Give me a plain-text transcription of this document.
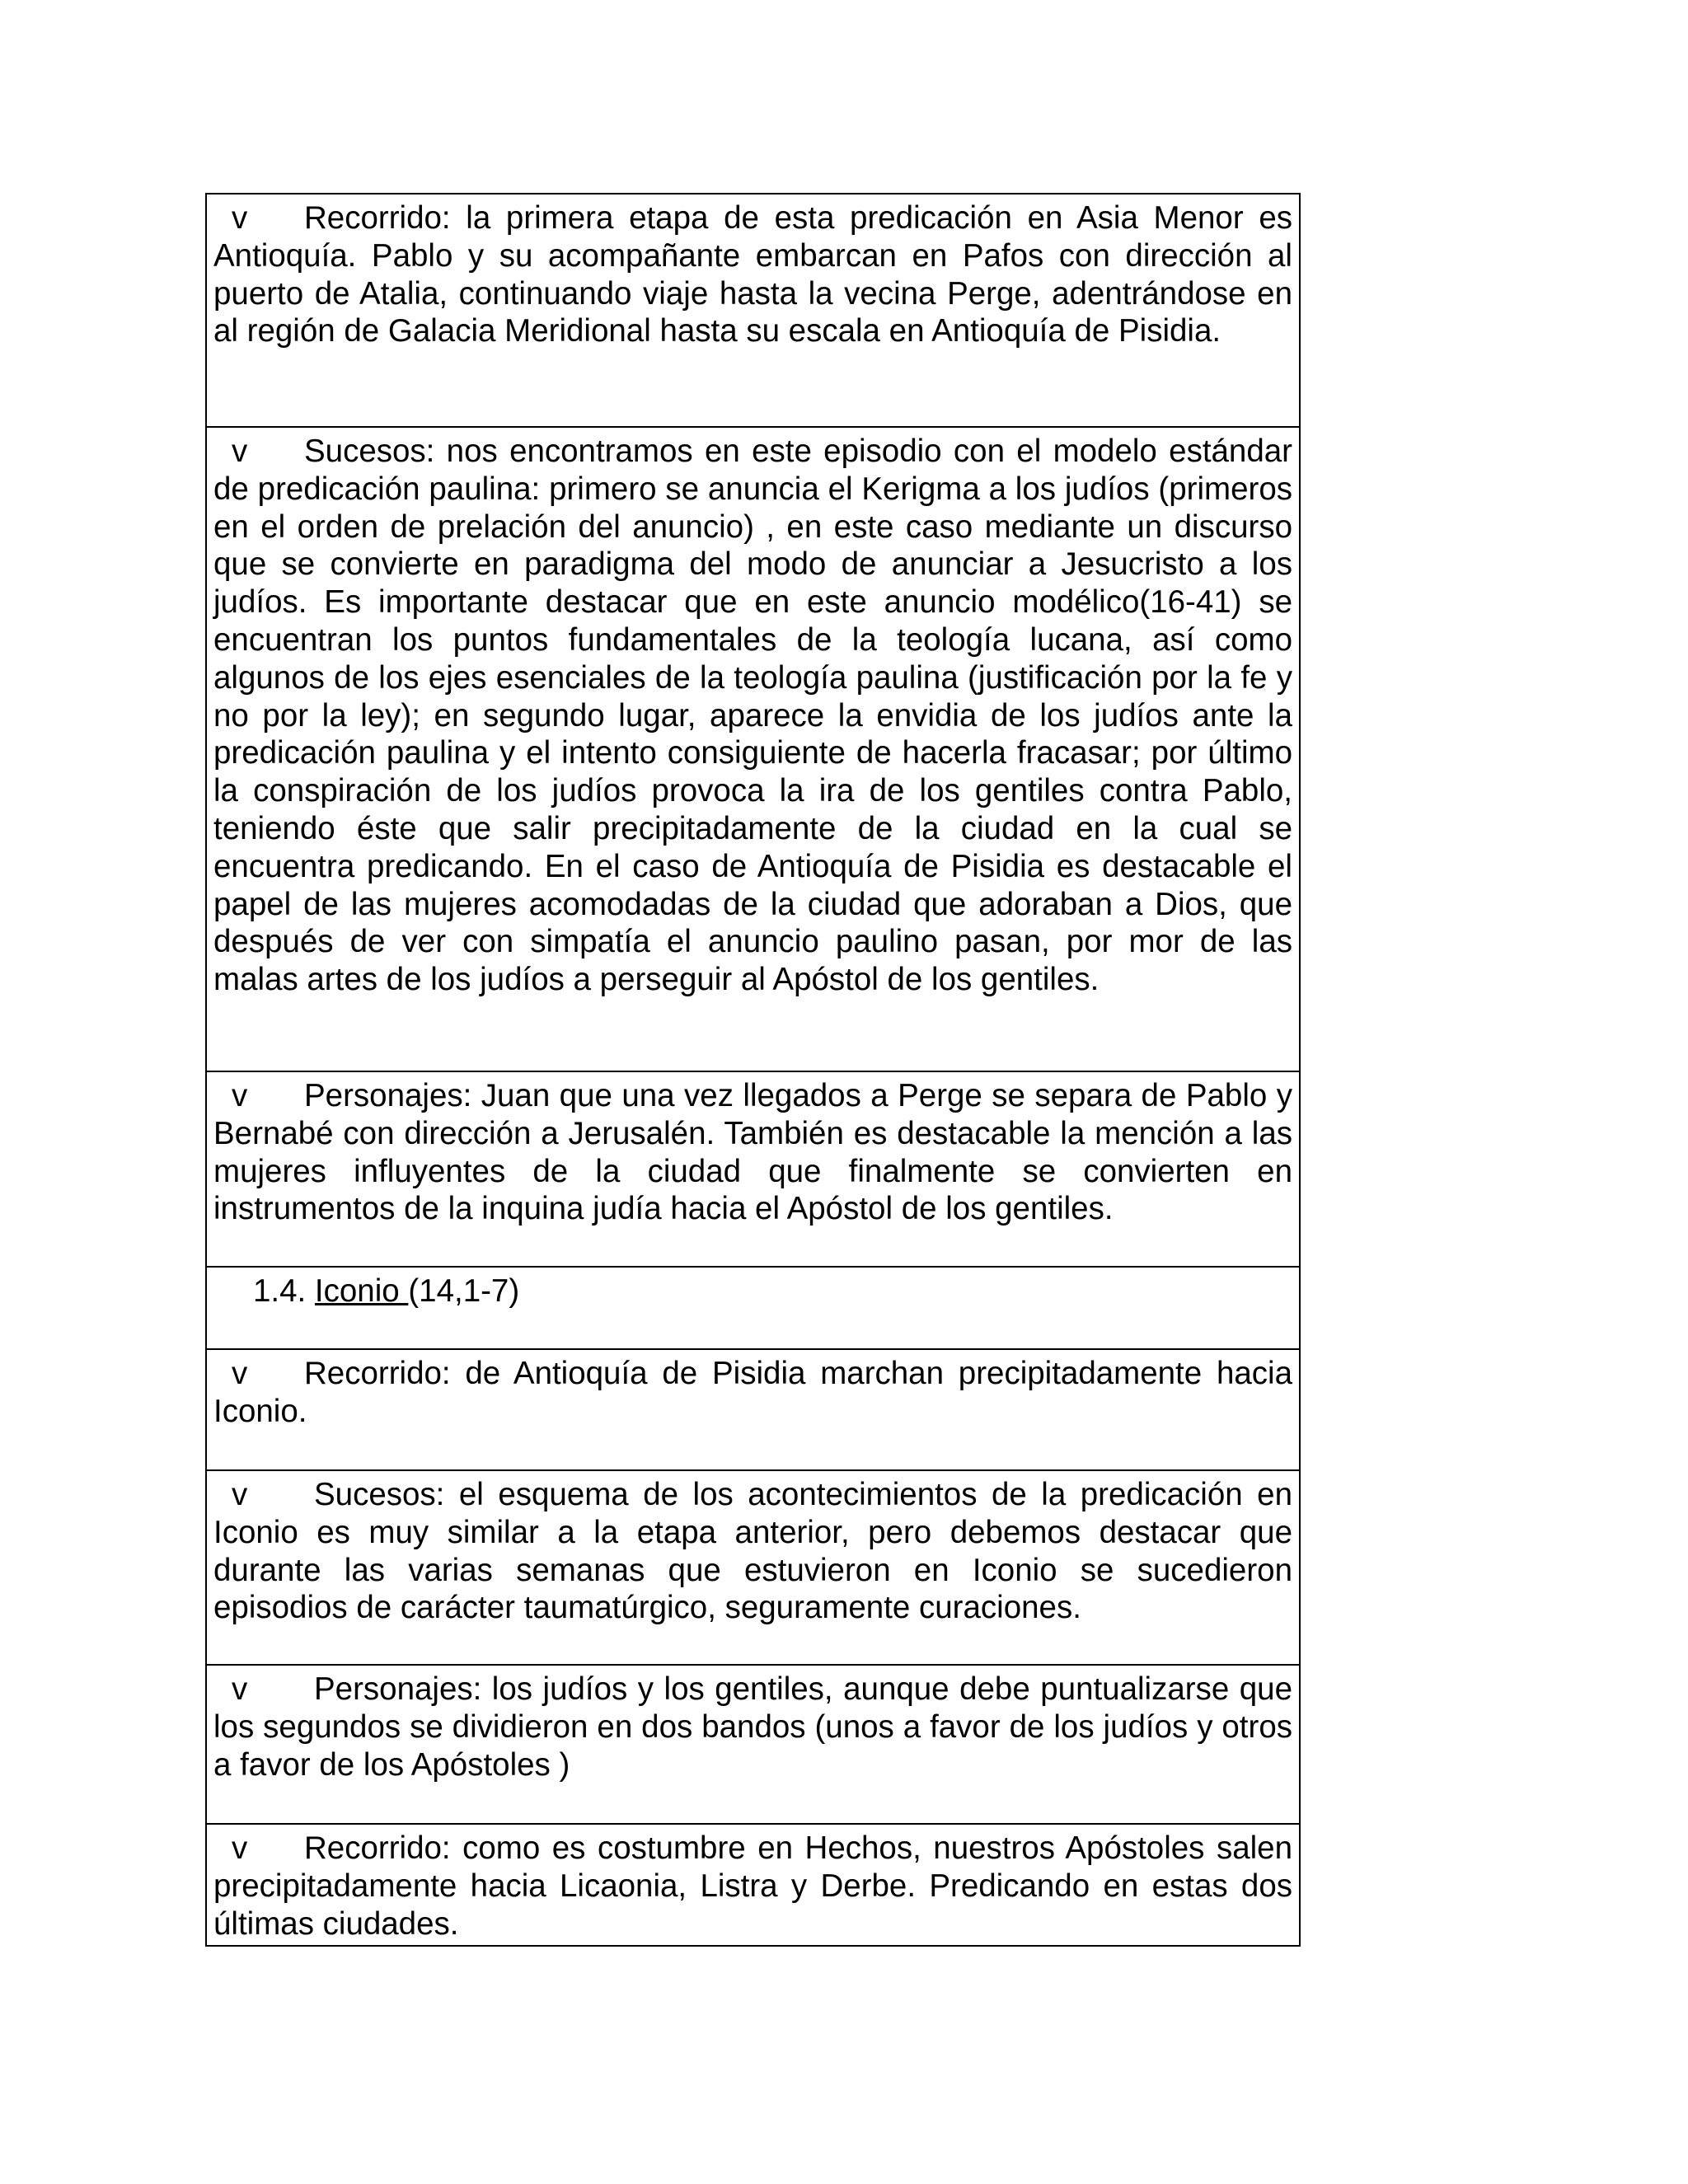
v Recorrido: la primera etapa de esta predicación en Asia Menor es Antioquía. Pablo y su acompañante embarcan en Pafos con dirección al puerto de Atalia, continuando viaje hasta la vecina Perge, adentrándose en al región de Galacia Meridional hasta su escala en Antioquía de Pisidia.
v Sucesos: nos encontramos en este episodio con el modelo estándar de predicación paulina: primero se anuncia el Kerigma a los judíos (primeros en el orden de prelación del anuncio) , en este caso mediante un discurso que se convierte en paradigma del modo de anunciar a Jesucristo a los judíos. Es importante destacar que en este anuncio modélico(16-41) se encuentran los puntos fundamentales de la teología lucana, así como algunos de los ejes esenciales de la teología paulina (justificación por la fe y no por la ley); en segundo lugar, aparece la envidia de los judíos ante la predicación paulina y el intento consiguiente de hacerla fracasar; por último la conspiración de los judíos provoca la ira de los gentiles contra Pablo, teniendo éste que salir precipitadamente de la ciudad en la cual se encuentra predicando. En el caso de Antioquía de Pisidia es destacable el papel de las mujeres acomodadas de la ciudad que adoraban a Dios, que después de ver con simpatía el anuncio paulino pasan, por mor de las malas artes de los judíos a perseguir al Apóstol de los gentiles.
v Personajes: Juan que una vez llegados a Perge se separa de Pablo y Bernabé con dirección a Jerusalén. También es destacable la mención a las mujeres influyentes de la ciudad que finalmente se convierten en instrumentos de la inquina judía hacia el Apóstol de los gentiles.
1.4. Iconio (14,1-7)
v Recorrido: de Antioquía de Pisidia marchan precipitadamente hacia Iconio.
v Sucesos: el esquema de los acontecimientos de la predicación en Iconio es muy similar a la etapa anterior, pero debemos destacar que durante las varias semanas que estuvieron en Iconio se sucedieron episodios de carácter taumatúrgico, seguramente curaciones.
v Personajes: los judíos y los gentiles, aunque debe puntualizarse que los segundos se dividieron en dos bandos (unos a favor de los judíos y otros a favor de los Apóstoles )
v Recorrido: como es costumbre en Hechos, nuestros Apóstoles salen precipitadamente hacia Licaonia, Listra y Derbe. Predicando en estas dos últimas ciudades.
